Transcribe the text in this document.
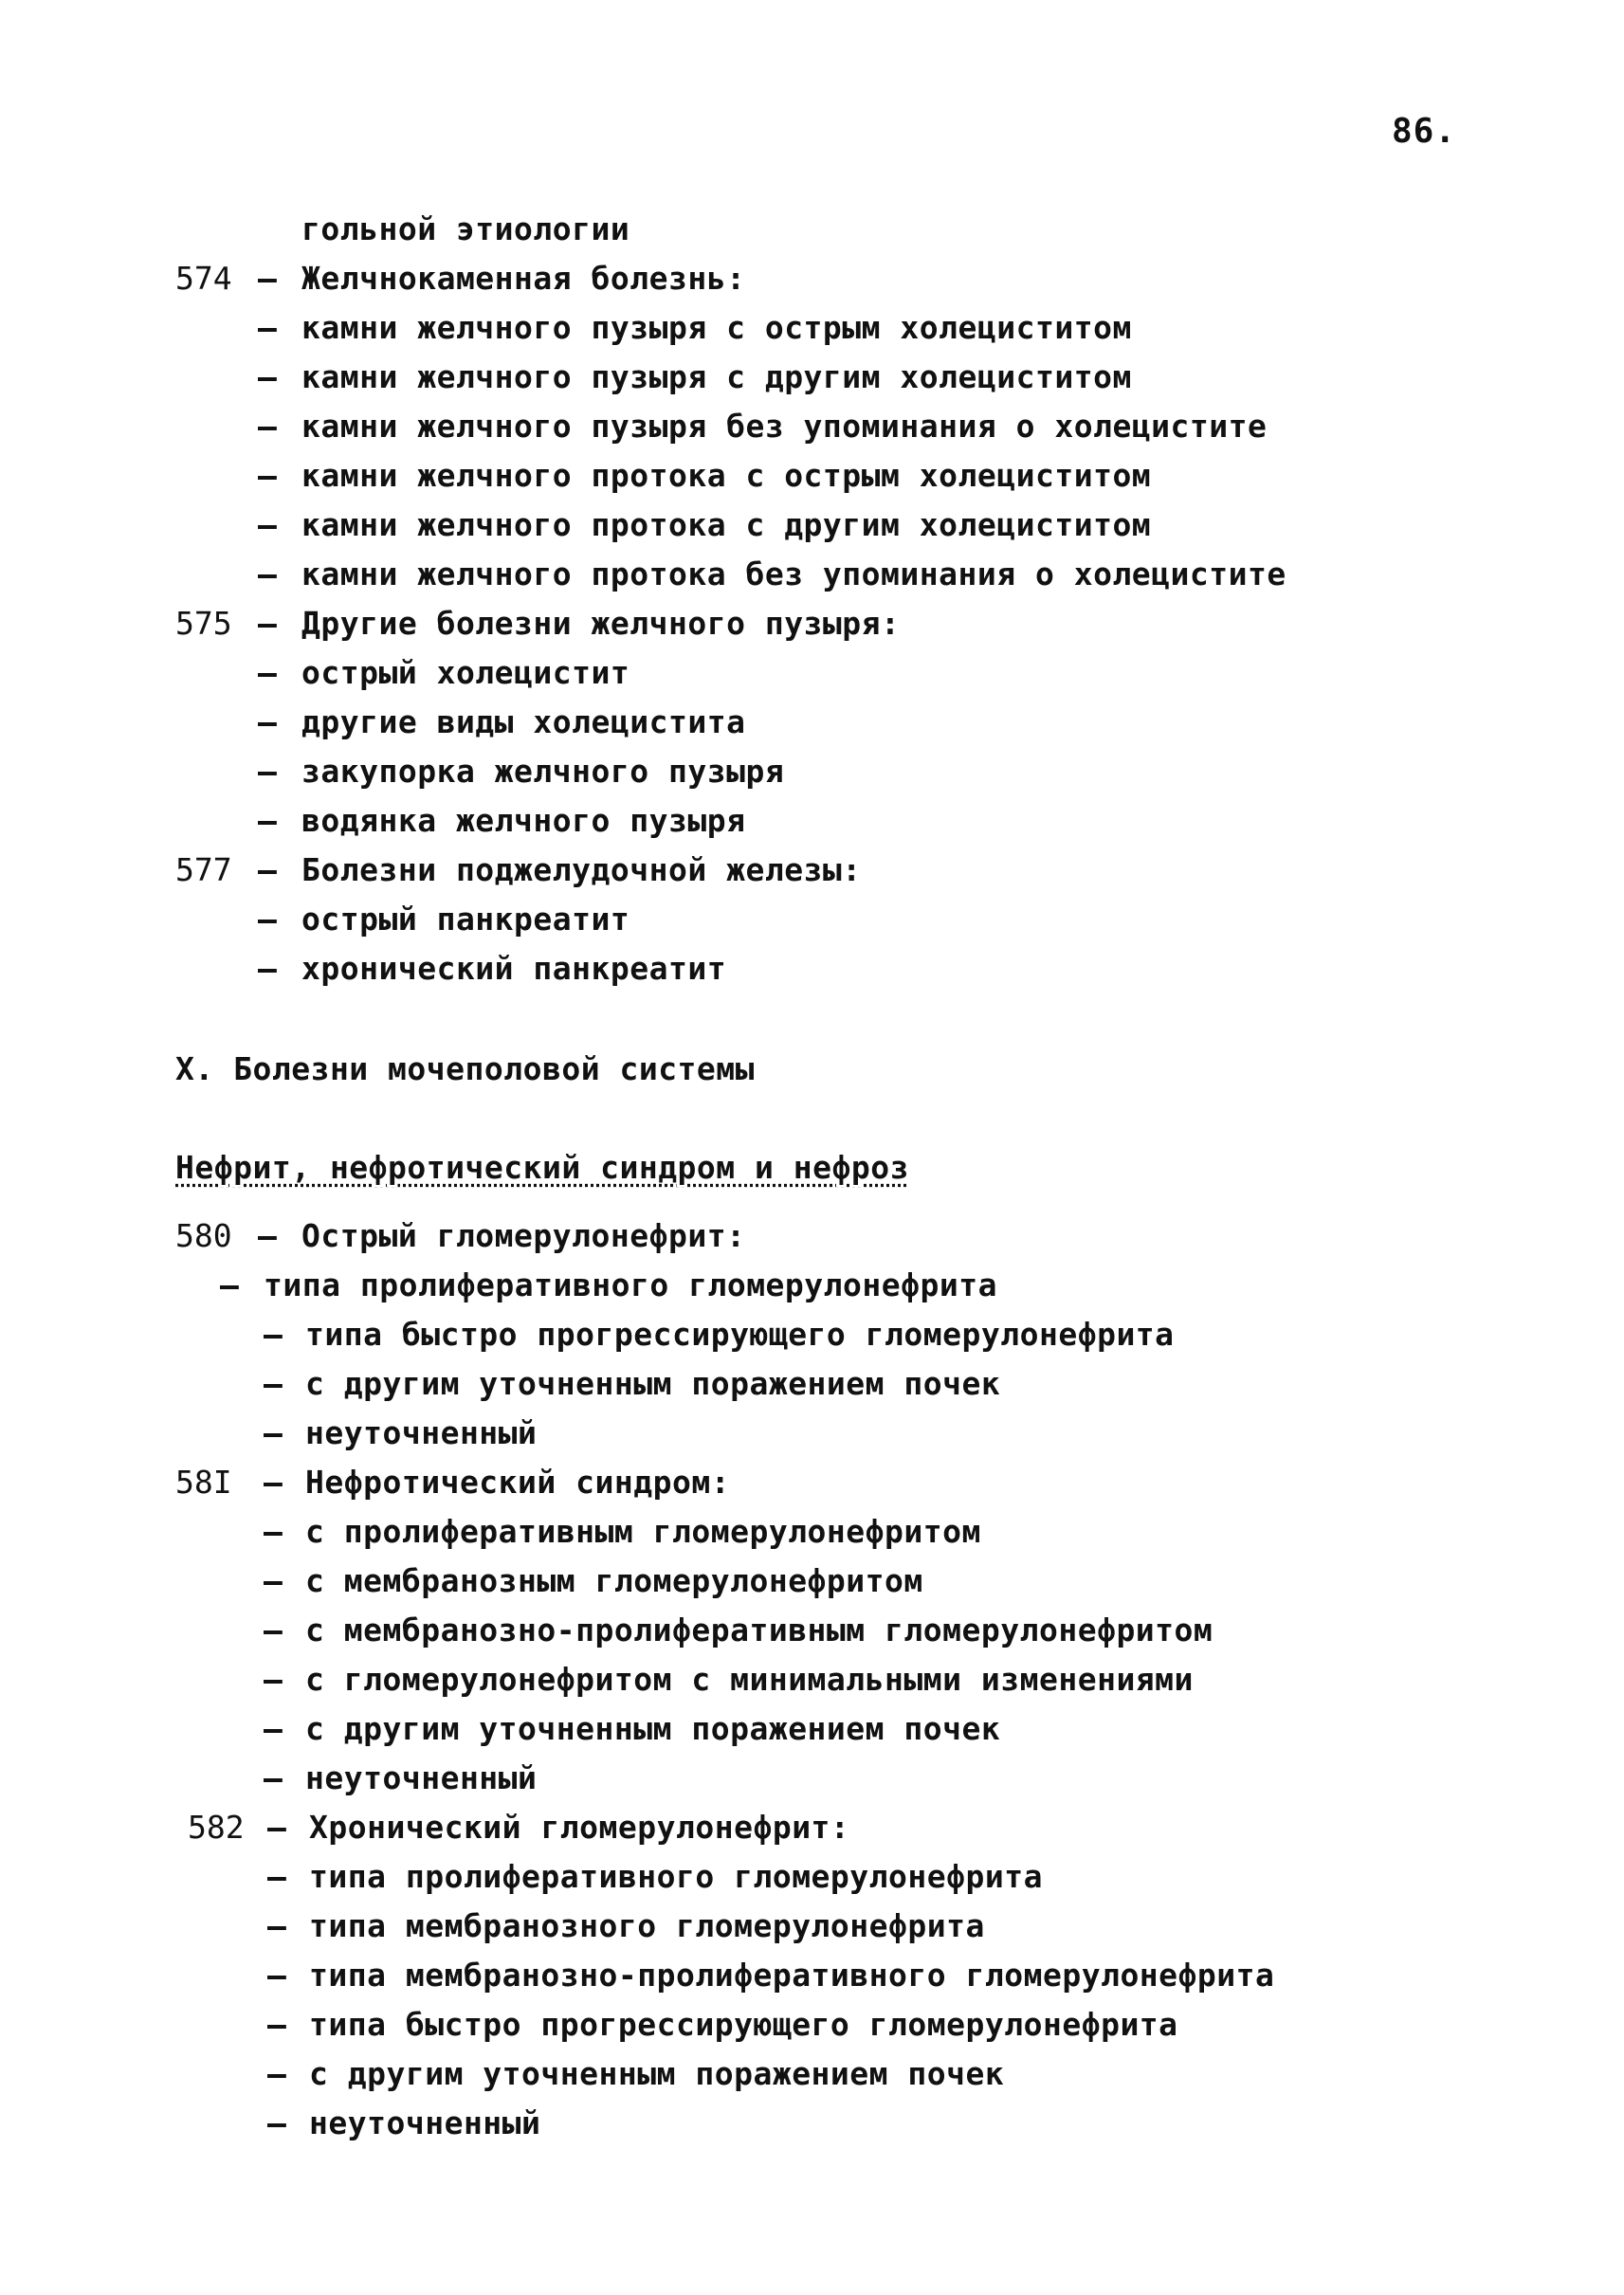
86.
гольной этиологии
574 – Желчнокаменная болезнь:
– камни желчного пузыря с острым холециститом
– камни желчного пузыря с другим холециститом
– камни желчного пузыря без упоминания о холецистите
– камни желчного протока с острым холециститом
– камни желчного протока с другим холециститом
– камни желчного протока без упоминания о холецистите
575 – Другие болезни желчного пузыря:
– острый холецистит
– другие виды холецистита
– закупорка желчного пузыря
– водянка желчного пузыря
577 – Болезни поджелудочной железы:
– острый панкреатит
– хронический панкреатит
X. Болезни мочеполовой системы
Нефрит, нефротический синдром и нефроз
580 – Острый гломерулонефрит:
– типа пролиферативного гломерулонефрита
– типа быстро прогрессирующего гломерулонефрита
– с другим уточненным поражением почек
– неуточненный
58I – Нефротический синдром:
– с пролиферативным гломерулонефритом
– с мембранозным гломерулонефритом
– с мембранозно-пролиферативным гломерулонефритом
– с гломерулонефритом с минимальными изменениями
– с другим уточненным поражением почек
– неуточненный
582 – Хронический гломерулонефрит:
– типа пролиферативного гломерулонефрита
– типа мембранозного гломерулонефрита
– типа мембранозно-пролиферативного гломерулонефрита
– типа быстро прогрессирующего гломерулонефрита
– с другим уточненным поражением почек
– неуточненный
